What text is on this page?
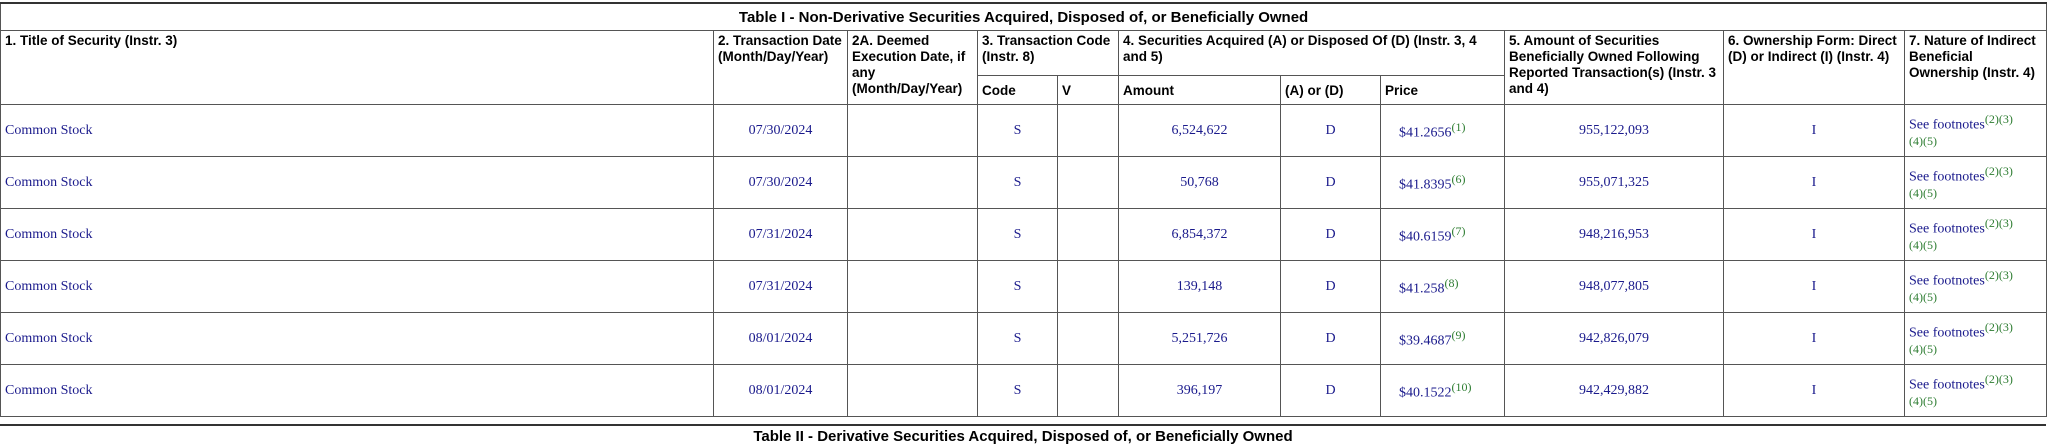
Table I - Non-Derivative Securities Acquired, Disposed of, or Beneficially Owned										
1. Title of Security (Instr. 3)	2. Transaction Date (Month/Day/Year)	2A. Deemed Execution Date, if any (Month/Day/Year)	3. Transaction Code (Instr. 8)		4. Securities Acquired (A) or Disposed Of (D) (Instr. 3, 4 and 5)			5. Amount of Securities Beneficially Owned Following Reported Transaction(s) (Instr. 3 and 4)	6. Ownership Form: Direct (D) or Indirect (I) (Instr. 4)	7. Nature of Indirect Beneficial Ownership (Instr. 4)
			Code	V	Amount	(A) or (D)	Price			
Common Stock	07/30/2024		S		6,524,622	D	$41.2656$^{(1)}$	955,122,093	I	See footnotes$^{(2)(3)}$
(4)(5)
Common Stock	07/30/2024		S		50,768	D	$41.8395$^{(6)}$	955,071,325	I	See footnotes$^{(2)(3)}$
(4)(5)
Common Stock	07/31/2024		S		6,854,372	D	$40.6159$^{(7)}$	948,216,953	I	See footnotes$^{(2)(3)}$
(4)(5)
Common Stock	07/31/2024		S		139,148	D	$41.258$^{(8)}$	948,077,805	I	See footnotes$^{(2)(3)}$
(4)(5)
Common Stock	08/01/2024		S		5,251,726	D	$39.4687$^{(9)}$	942,826,079	I	See footnotes$^{(2)(3)}$
(4)(5)
Common Stock	08/01/2024		S		396,197	D	$40.1522$^{(10)}$	942,429,882	I	See footnotes$^{(2)(3)}$
(4)(5)
Table II - Derivative Securities Acquired, Disposed of, or Beneficially Owned
